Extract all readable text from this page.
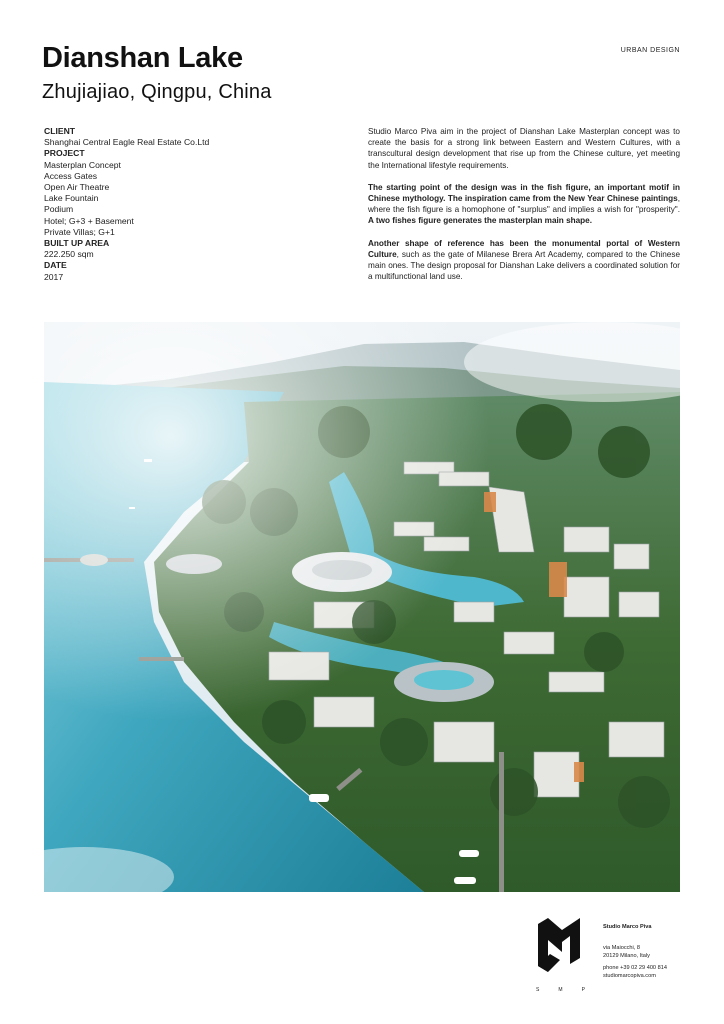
Dianshan Lake
Zhujiajiao, Qingpu, China
URBAN DESIGN
CLIENT
Shanghai Central Eagle Real Estate Co.Ltd
PROJECT
Masterplan Concept
Access Gates
Open Air Theatre
Lake Fountain
Podium
Hotel; G+3 + Basement
Private Villas; G+1
BUILT UP AREA
222.250 sqm
DATE
2017

Studio Marco Piva aim in the project of Dianshan Lake Masterplan concept was to create the basis for a strong link between Eastern and Western Cultures, with a transcultural design development that rise up from the Chinese culture, yet meeting the International lifestyle requirements.

The starting point of the design was in the fish figure, an important motif in Chinese mythology. The inspiration came from the New Year Chinese paintings, where the fish figure is a homophone of "surplus" and implies a wish for "prosperity". A two fishes figure generates the masterplan main shape.

Another shape of reference has been the monumental portal of Western Culture, such as the gate of Milanese Brera Art Academy, compared to the Chinese main ones. The design proposal for Dianshan Lake delivers a coordinated solution for a multifunctional land use.

S	M	P
Studio Marco Piva
via Maiocchi, 8
20129 Milano, Italy
phone +39 02 29 400 814
studiomarcopiva.com
